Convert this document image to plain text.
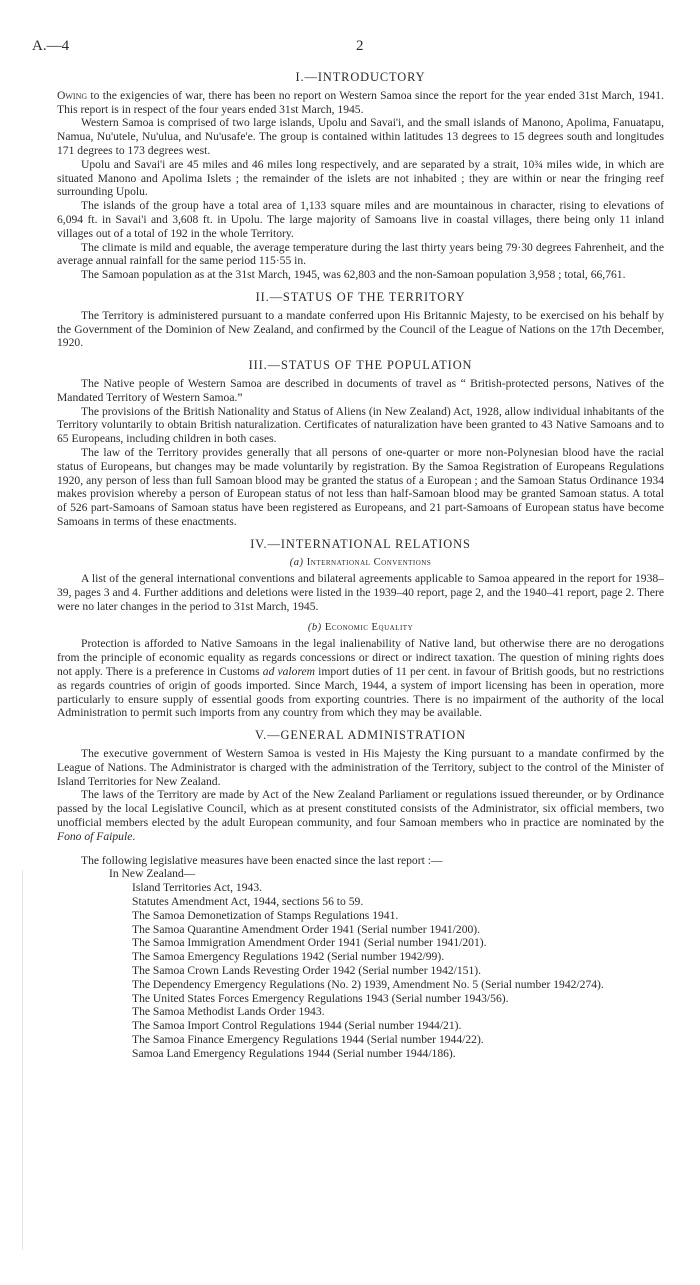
A.—4	2
I.—INTRODUCTORY

Owing to the exigencies of war, there has been no report on Western Samoa since the report for the year ended 31st March, 1941. This report is in respect of the four years ended 31st March, 1945.

Western Samoa is comprised of two large islands, Upolu and Savai'i, and the small islands of Manono, Apolima, Fanuatapu, Namua, Nu'utele, Nu'ulua, and Nu'usafe'e. The group is contained within latitudes 13 degrees to 15 degrees south and longitudes 171 degrees to 173 degrees west.

Upolu and Savai'i are 45 miles and 46 miles long respectively, and are separated by a strait, 10¾ miles wide, in which are situated Manono and Apolima Islets ; the remainder of the islets are not inhabited ; they are within or near the fringing reef surrounding Upolu.

The islands of the group have a total area of 1,133 square miles and are mountainous in character, rising to elevations of 6,094 ft. in Savai'i and 3,608 ft. in Upolu. The large majority of Samoans live in coastal villages, there being only 11 inland villages out of a total of 192 in the whole Territory.

The climate is mild and equable, the average temperature during the last thirty years being 79·30 degrees Fahrenheit, and the average annual rainfall for the same period 115·55 in.

The Samoan population as at the 31st March, 1945, was 62,803 and the non-Samoan population 3,958 ; total, 66,761.

II.—STATUS OF THE TERRITORY

The Territory is administered pursuant to a mandate conferred upon His Britannic Majesty, to be exercised on his behalf by the Government of the Dominion of New Zealand, and confirmed by the Council of the League of Nations on the 17th December, 1920.

III.—STATUS OF THE POPULATION

The Native people of Western Samoa are described in documents of travel as “ British-protected persons, Natives of the Mandated Territory of Western Samoa.”

The provisions of the British Nationality and Status of Aliens (in New Zealand) Act, 1928, allow individual inhabitants of the Territory voluntarily to obtain British naturalization. Certificates of naturalization have been granted to 43 Native Samoans and to 65 Europeans, including children in both cases.

The law of the Territory provides generally that all persons of one-quarter or more non-Polynesian blood have the racial status of Europeans, but changes may be made voluntarily by registration. By the Samoa Registration of Europeans Regulations 1920, any person of less than full Samoan blood may be granted the status of a European ; and the Samoan Status Ordinance 1934 makes provision whereby a person of European status of not less than half-Samoan blood may be granted Samoan status. A total of 526 part-Samoans of Samoan status have been registered as Europeans, and 21 part-Samoans of European status have become Samoans in terms of these enactments.

IV.—INTERNATIONAL RELATIONS
(a) International Conventions

A list of the general international conventions and bilateral agreements applicable to Samoa appeared in the report for 1938–39, pages 3 and 4. Further additions and deletions were listed in the 1939–40 report, page 2, and the 1940–41 report, page 2. There were no later changes in the period to 31st March, 1945.

(b) Economic Equality

Protection is afforded to Native Samoans in the legal inalienability of Native land, but otherwise there are no derogations from the principle of economic equality as regards concessions or direct or indirect taxation. The question of mining rights does not apply. There is a preference in Customs ad valorem import duties of 11 per cent. in favour of British goods, but no restrictions as regards countries of origin of goods imported. Since March, 1944, a system of import licensing has been in operation, more particularly to ensure supply of essential goods from exporting countries. There is no impairment of the authority of the local Administration to permit such imports from any country from which they may be available.

V.—GENERAL ADMINISTRATION

The executive government of Western Samoa is vested in His Majesty the King pursuant to a mandate confirmed by the League of Nations. The Administrator is charged with the administration of the Territory, subject to the control of the Minister of Island Territories for New Zealand.

The laws of the Territory are made by Act of the New Zealand Parliament or regulations issued thereunder, or by Ordinance passed by the local Legislative Council, which as at present constituted consists of the Administrator, six official members, two unofficial members elected by the adult European community, and four Samoan members who in practice are nominated by the Fono of Faipule.

The following legislative measures have been enacted since the last report :—

In New Zealand—
Island Territories Act, 1943.
Statutes Amendment Act, 1944, sections 56 to 59.
The Samoa Demonetization of Stamps Regulations 1941.
The Samoa Quarantine Amendment Order 1941 (Serial number 1941/200).
The Samoa Immigration Amendment Order 1941 (Serial number 1941/201).
The Samoa Emergency Regulations 1942 (Serial number 1942/99).
The Samoa Crown Lands Revesting Order 1942 (Serial number 1942/151).
The Dependency Emergency Regulations (No. 2) 1939, Amendment No. 5 (Serial number 1942/274).
The United States Forces Emergency Regulations 1943 (Serial number 1943/56).
The Samoa Methodist Lands Order 1943.
The Samoa Import Control Regulations 1944 (Serial number 1944/21).
The Samoa Finance Emergency Regulations 1944 (Serial number 1944/22).
Samoa Land Emergency Regulations 1944 (Serial number 1944/186).
